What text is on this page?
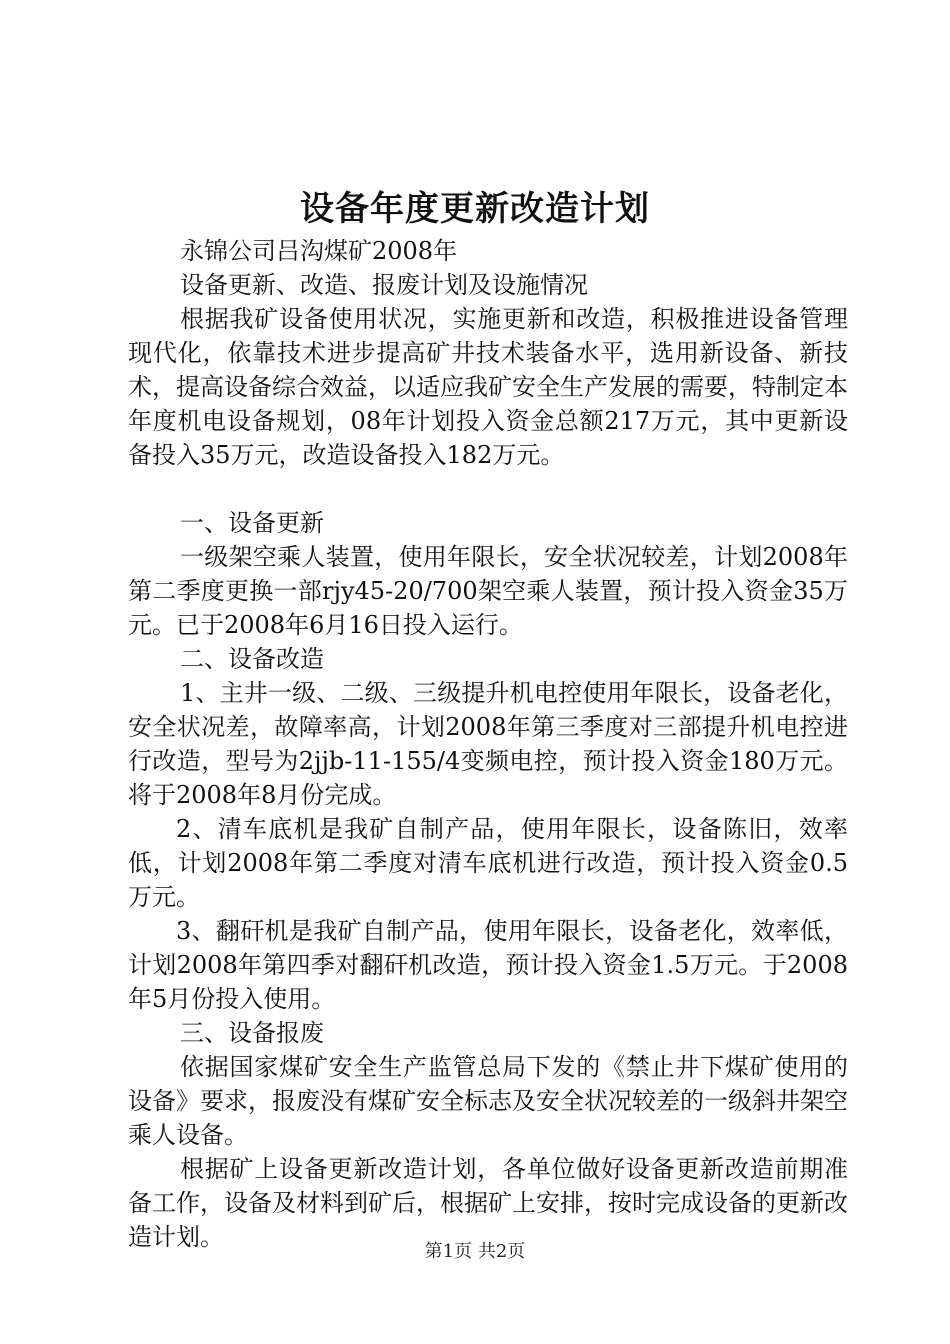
设备年度更新改造计划

永锦公司吕沟煤矿2008年

设备更新、改造、报废计划及设施情况

根据我矿设备使用状况，实施更新和改造，积极推进设备管理现代化，依靠技术进步提高矿井技术装备水平，选用新设备、新技术，提高设备综合效益，以适应我矿安全生产发展的需要，特制定本年度机电设备规划，08年计划投入资金总额217万元，其中更新设备投入35万元，改造设备投入182万元。

一、设备更新

一级架空乘人装置，使用年限长，安全状况较差，计划2008年第二季度更换一部rjy45-20/700架空乘人装置，预计投入资金35万元。已于2008年6月16日投入运行。

二、设备改造

1、主井一级、二级、三级提升机电控使用年限长，设备老化，安全状况差，故障率高，计划2008年第三季度对三部提升机电控进行改造，型号为2jjb-11-155/4变频电控，预计投入资金180万元。将于2008年8月份完成。

2、清车底机是我矿自制产品，使用年限长，设备陈旧，效率低，计划2008年第二季度对清车底机进行改造，预计投入资金0.5万元。

3、翻矸机是我矿自制产品，使用年限长，设备老化，效率低，计划2008年第四季对翻矸机改造，预计投入资金1.5万元。于2008年5月份投入使用。

三、设备报废

依据国家煤矿安全生产监管总局下发的《禁止井下煤矿使用的设备》要求，报废没有煤矿安全标志及安全状况较差的一级斜井架空乘人设备。

根据矿上设备更新改造计划，各单位做好设备更新改造前期准备工作，设备及材料到矿后，根据矿上安排，按时完成设备的更新改造计划。

第1页 共2页
